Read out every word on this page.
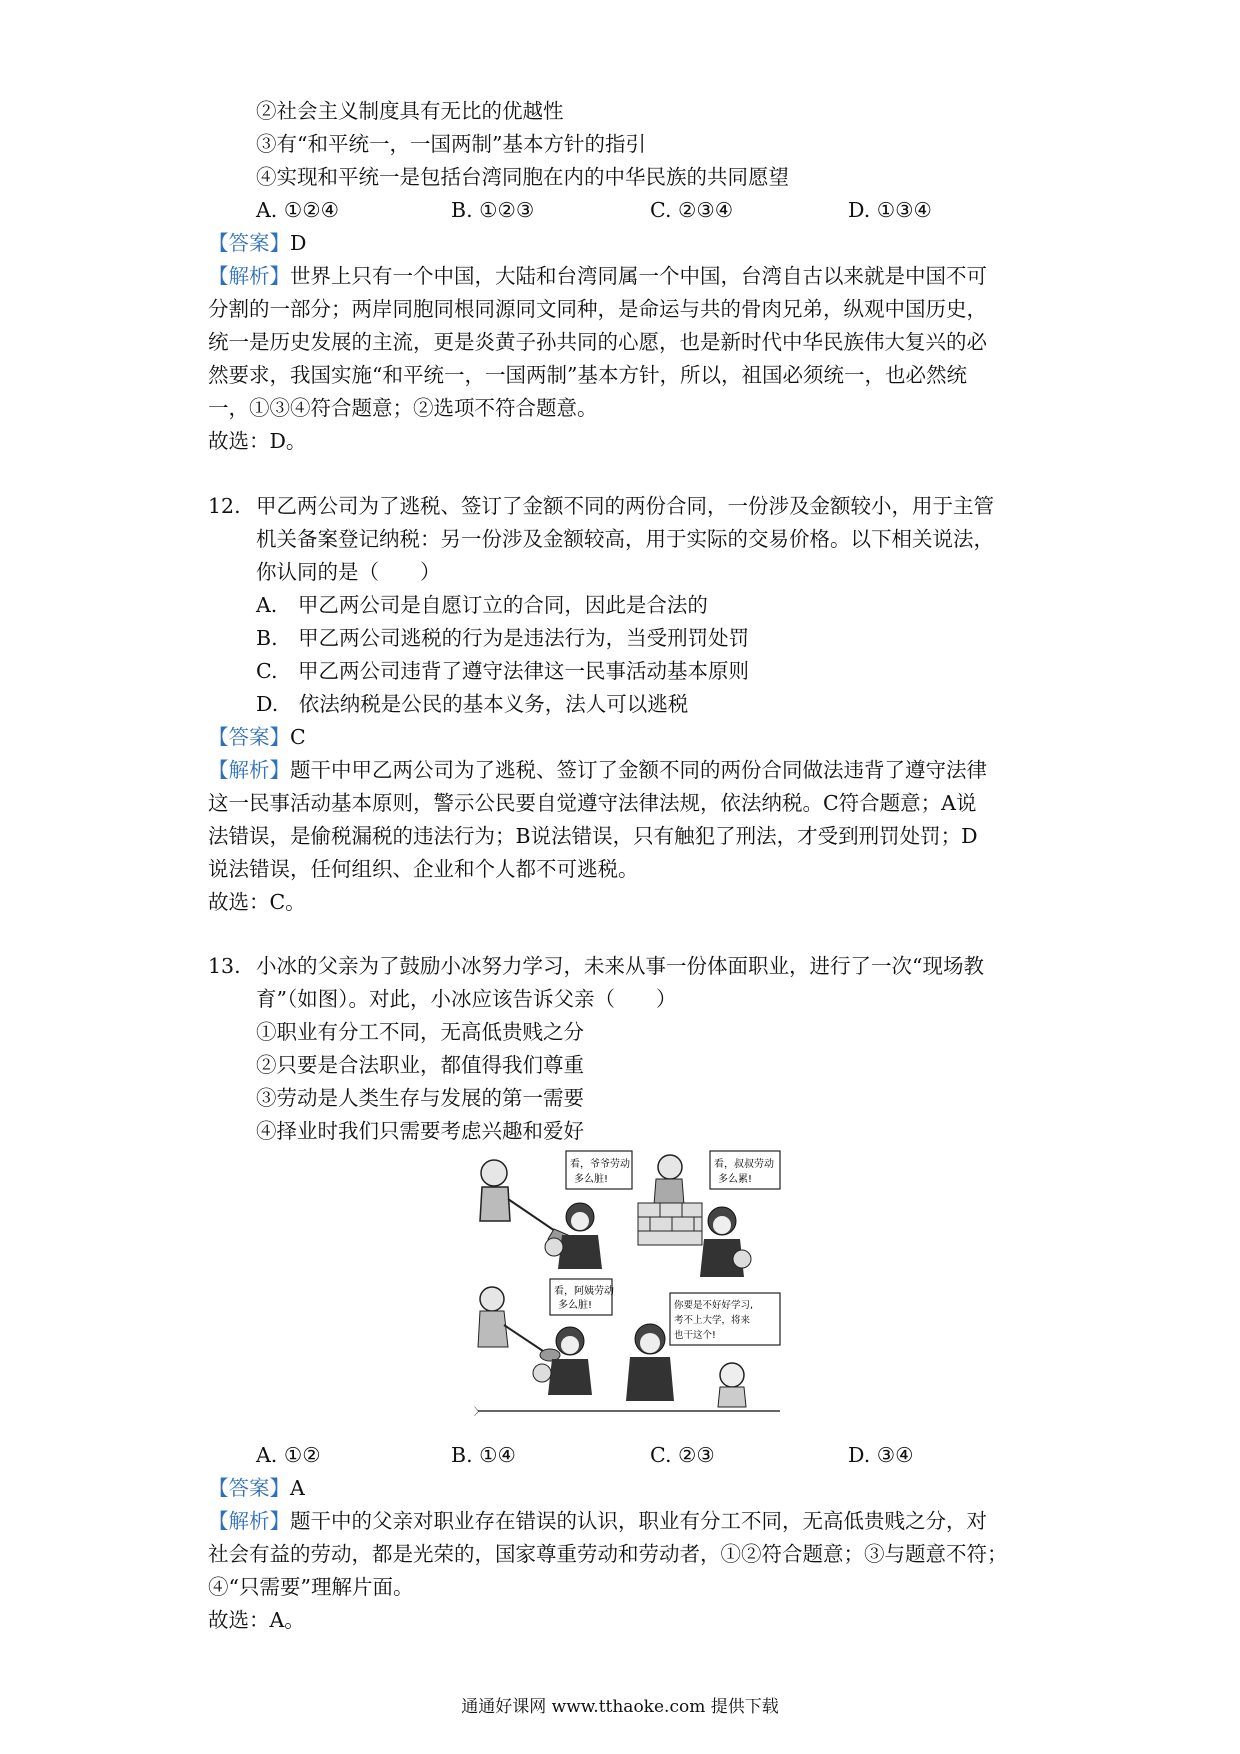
②社会主义制度具有无比的优越性
③有“和平统一，一国两制”基本方针的指引
④实现和平统一是包括台湾同胞在内的中华民族的共同愿望
A. ①②④	B. ①②③	C. ②③④	D. ①③④
【答案】D
【解析】世界上只有一个中国，大陆和台湾同属一个中国，台湾自古以来就是中国不可
分割的一部分；两岸同胞同根同源同文同种，是命运与共的骨肉兄弟，纵观中国历史，
统一是历史发展的主流，更是炎黄子孙共同的心愿，也是新时代中华民族伟大复兴的必
然要求，我国实施“和平统一，一国两制”基本方针，所以，祖国必须统一，也必然统
一，①③④符合题意；②选项不符合题意。
故选：D。
12. 甲乙两公司为了逃税、签订了金额不同的两份合同，一份涉及金额较小，用于主管
机关备案登记纳税：另一份涉及金额较高，用于实际的交易价格。以下相关说法，
你认同的是（　　）
A.　甲乙两公司是自愿订立的合同，因此是合法的
B.　甲乙两公司逃税的行为是违法行为，当受刑罚处罚
C.　甲乙两公司违背了遵守法律这一民事活动基本原则
D.　依法纳税是公民的基本义务，法人可以逃税
【答案】C
【解析】题干中甲乙两公司为了逃税、签订了金额不同的两份合同做法违背了遵守法律
这一民事活动基本原则，警示公民要自觉遵守法律法规，依法纳税。C符合题意；A说
法错误，是偷税漏税的违法行为；B说法错误，只有触犯了刑法，才受到刑罚处罚；D
说法错误，任何组织、企业和个人都不可逃税。
故选：C。
13. 小冰的父亲为了鼓励小冰努力学习，未来从事一份体面职业，进行了一次“现场教
育”（如图）。对此，小冰应该告诉父亲（　　）
①职业有分工不同，无高低贵贱之分
②只要是合法职业，都值得我们尊重
③劳动是人类生存与发展的第一需要
④择业时我们只需要考虑兴趣和爱好
〉
看，爷爷劳动
多么脏!
看，叔叔劳动
多么累!
看，阿姨劳动
多么脏!	你要是不好好学习,
考不上大学，将来
也干这个!
A. ①②	B. ①④	C. ②③	D. ③④
【答案】A
【解析】题干中的父亲对职业存在错误的认识，职业有分工不同，无高低贵贱之分，对
社会有益的劳动，都是光荣的，国家尊重劳动和劳动者，①②符合题意；③与题意不符；
④“只需要”理解片面。
故选：A。
通通好课网 www.tthaoke.com 提供下载
